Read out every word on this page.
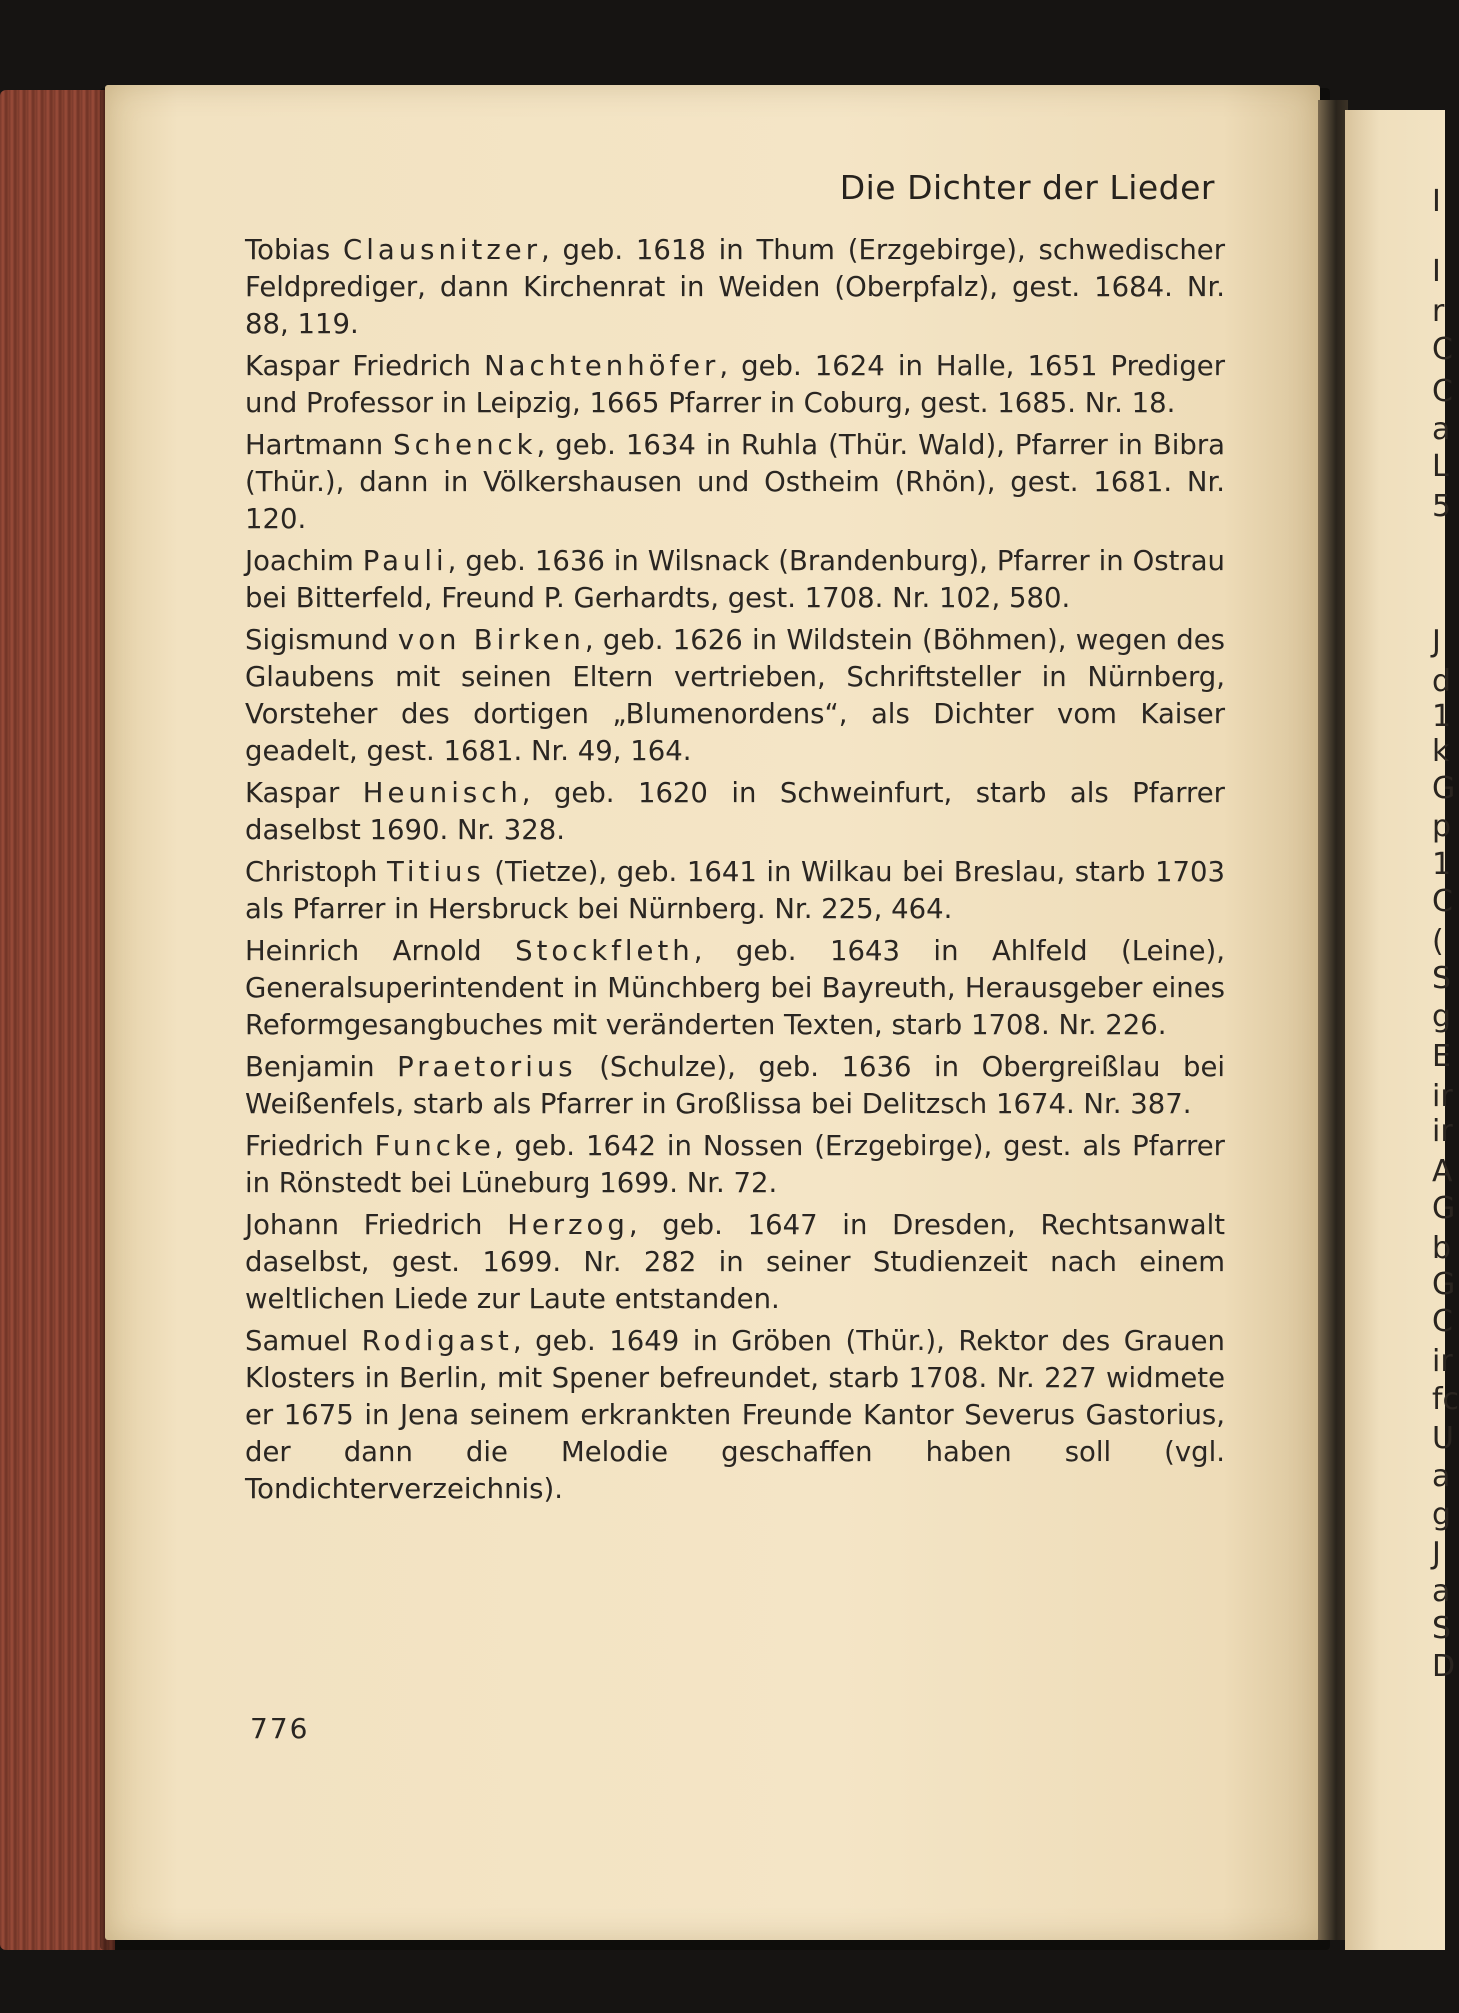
I
I
r
C
C
a
L
5
J
d
1
k
G
p
1
C
(
S
g
E
ir
ir
A
G
b
G
C
ir
fc
U
a
g
J
a
S
D
Die Dichter der Lieder
Tobias Clausnitzer, geb. 1618 in Thum (Erzgebirge), schwedischer Feldprediger, dann Kirchenrat in Weiden (Oberpfalz), gest. 1684. Nr. 88, 119.
Kaspar Friedrich Nachtenhöfer, geb. 1624 in Halle, 1651 Prediger und Professor in Leipzig, 1665 Pfarrer in Coburg, gest. 1685. Nr. 18.
Hartmann Schenck, geb. 1634 in Ruhla (Thür. Wald), Pfarrer in Bibra (Thür.), dann in Völkershausen und Ostheim (Rhön), gest. 1681. Nr. 120.
Joachim Pauli, geb. 1636 in Wilsnack (Brandenburg), Pfarrer in Ostrau bei Bitterfeld, Freund P. Gerhardts, gest. 1708. Nr. 102, 580.
Sigismund von Birken, geb. 1626 in Wildstein (Böhmen), wegen des Glaubens mit seinen Eltern vertrieben, Schriftsteller in Nürnberg, Vorsteher des dortigen „Blumenordens“, als Dichter vom Kaiser geadelt, gest. 1681. Nr. 49, 164.
Kaspar Heunisch, geb. 1620 in Schweinfurt, starb als Pfarrer daselbst 1690. Nr. 328.
Christoph Titius (Tietze), geb. 1641 in Wilkau bei Breslau, starb 1703 als Pfarrer in Hersbruck bei Nürnberg. Nr. 225, 464.
Heinrich Arnold Stockfleth, geb. 1643 in Ahlfeld (Leine), Generalsuperintendent in Münchberg bei Bayreuth, Herausgeber eines Reformgesangbuches mit veränderten Texten, starb 1708. Nr. 226.
Benjamin Praetorius (Schulze), geb. 1636 in Obergreißlau bei Weißenfels, starb als Pfarrer in Großlissa bei Delitzsch 1674. Nr. 387.
Friedrich Funcke, geb. 1642 in Nossen (Erzgebirge), gest. als Pfarrer in Rönstedt bei Lüneburg 1699. Nr. 72.
Johann Friedrich Herzog, geb. 1647 in Dresden, Rechtsanwalt daselbst, gest. 1699. Nr. 282 in seiner Studienzeit nach einem weltlichen Liede zur Laute entstanden.
Samuel Rodigast, geb. 1649 in Gröben (Thür.), Rektor des Grauen Klosters in Berlin, mit Spener befreundet, starb 1708. Nr. 227 widmete er 1675 in Jena seinem erkrankten Freunde Kantor Severus Gastorius, der dann die Melodie geschaffen haben soll (vgl. Tondichterverzeichnis).
776
